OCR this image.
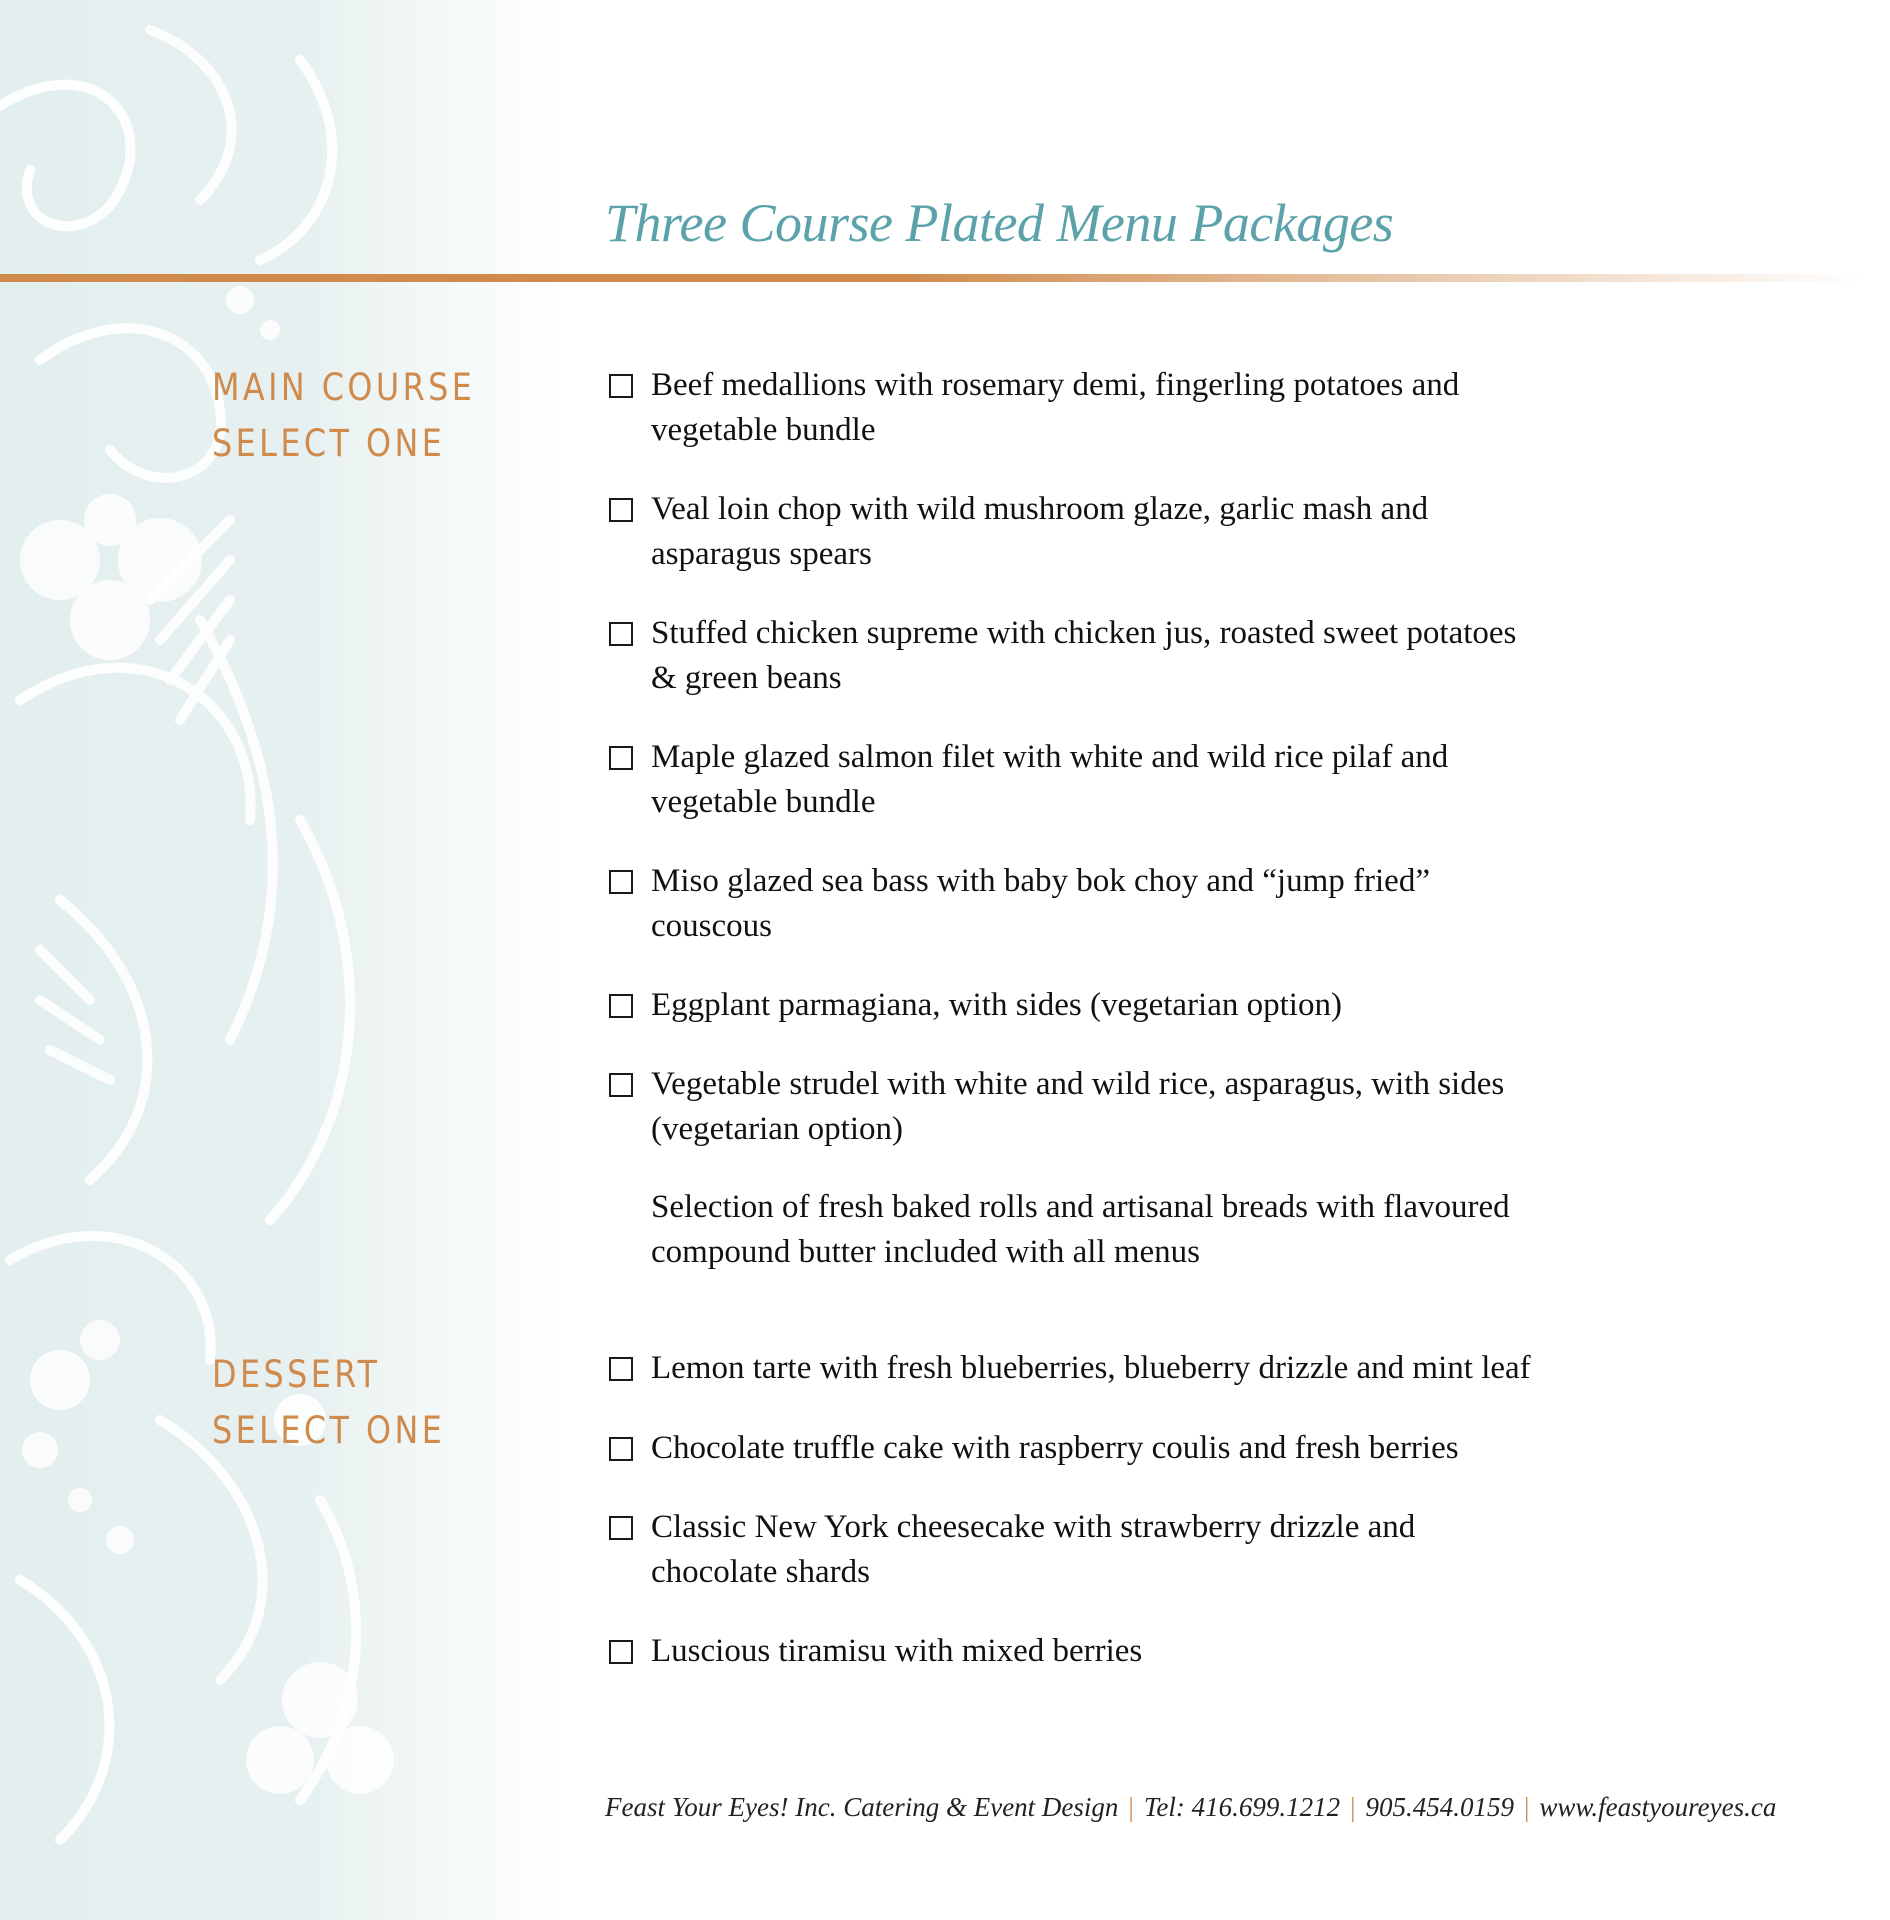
Three Course Plated Menu Packages
MAIN COURSE
SELECT ONE
Beef medallions with rosemary demi, fingerling potatoes and
vegetable bundle
Veal loin chop with wild mushroom glaze, garlic mash and
asparagus spears
Stuffed chicken supreme with chicken jus, roasted sweet potatoes
& green beans
Maple glazed salmon filet with white and wild rice pilaf and
vegetable bundle
Miso glazed sea bass with baby bok choy and “jump fried”
couscous
Eggplant parmagiana, with sides (vegetarian option)
Vegetable strudel with white and wild rice, asparagus, with sides
(vegetarian option)
Selection of fresh baked rolls and artisanal breads with flavoured
compound butter included with all menus
DESSERT
SELECT ONE
Lemon tarte with fresh blueberries, blueberry drizzle and mint leaf
Chocolate truffle cake with raspberry coulis and fresh berries
Classic New York cheesecake with strawberry drizzle and
chocolate shards
Luscious tiramisu with mixed berries
Feast Your Eyes! Inc. Catering & Event Design | Tel: 416.699.1212 | 905.454.0159 | www.feastyoureyes.ca
